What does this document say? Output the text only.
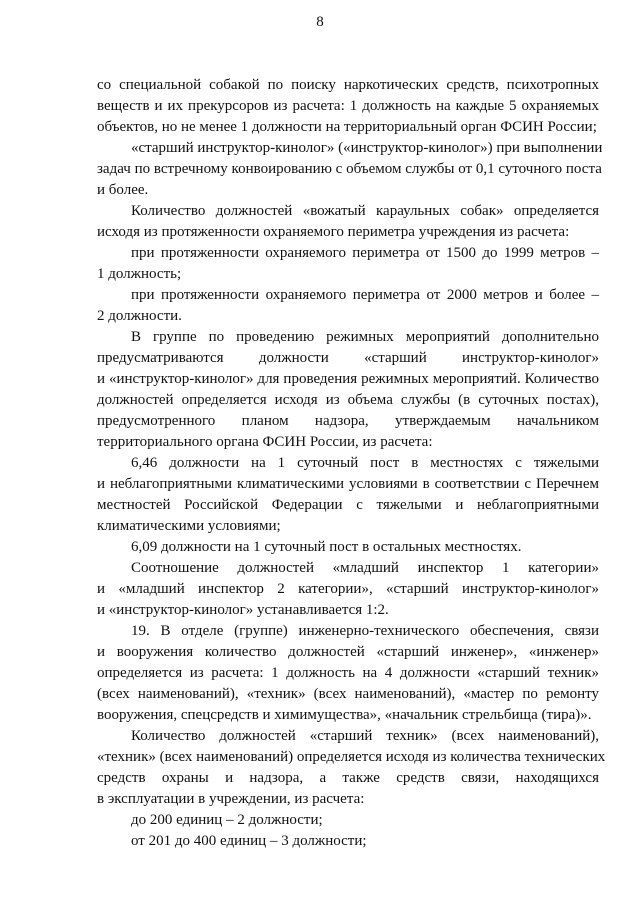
8
со специальной собакой по поиску наркотических средств, психотропных
веществ и их прекурсоров из расчета: 1 должность на каждые 5 охраняемых
объектов, но не менее 1 должности на территориальный орган ФСИН России;
«старший инструктор-кинолог» («инструктор-кинолог») при выполнении
задач по встречному конвоированию с объемом службы от 0,1 суточного поста
и более.
Количество должностей «вожатый караульных собак» определяется
исходя из протяженности охраняемого периметра учреждения из расчета:
при протяженности охраняемого периметра от 1500 до 1999 метров –
1 должность;
при протяженности охраняемого периметра от 2000 метров и более –
2 должности.
В группе по проведению режимных мероприятий дополнительно
предусматриваются должности «старший инструктор-кинолог»
и «инструктор-кинолог» для проведения режимных мероприятий. Количество
должностей определяется исходя из объема службы (в суточных постах),
предусмотренного планом надзора, утверждаемым начальником
территориального органа ФСИН России, из расчета:
6,46 должности на 1 суточный пост в местностях с тяжелыми
и неблагоприятными климатическими условиями в соответствии с Перечнем
местностей Российской Федерации с тяжелыми и неблагоприятными
климатическими условиями;
6,09 должности на 1 суточный пост в остальных местностях.
Соотношение должностей «младший инспектор 1 категории»
и «младший инспектор 2 категории», «старший инструктор-кинолог»
и «инструктор-кинолог» устанавливается 1:2.
19. В отделе (группе) инженерно-технического обеспечения, связи
и вооружения количество должностей «старший инженер», «инженер»
определяется из расчета: 1 должность на 4 должности «старший техник»
(всех наименований), «техник» (всех наименований), «мастер по ремонту
вооружения, спецсредств и химимущества», «начальник стрельбища (тира)».
Количество должностей «старший техник» (всех наименований),
«техник» (всех наименований) определяется исходя из количества технических
средств охраны и надзора, а также средств связи, находящихся
в эксплуатации в учреждении, из расчета:
до 200 единиц – 2 должности;
от 201 до 400 единиц – 3 должности;
